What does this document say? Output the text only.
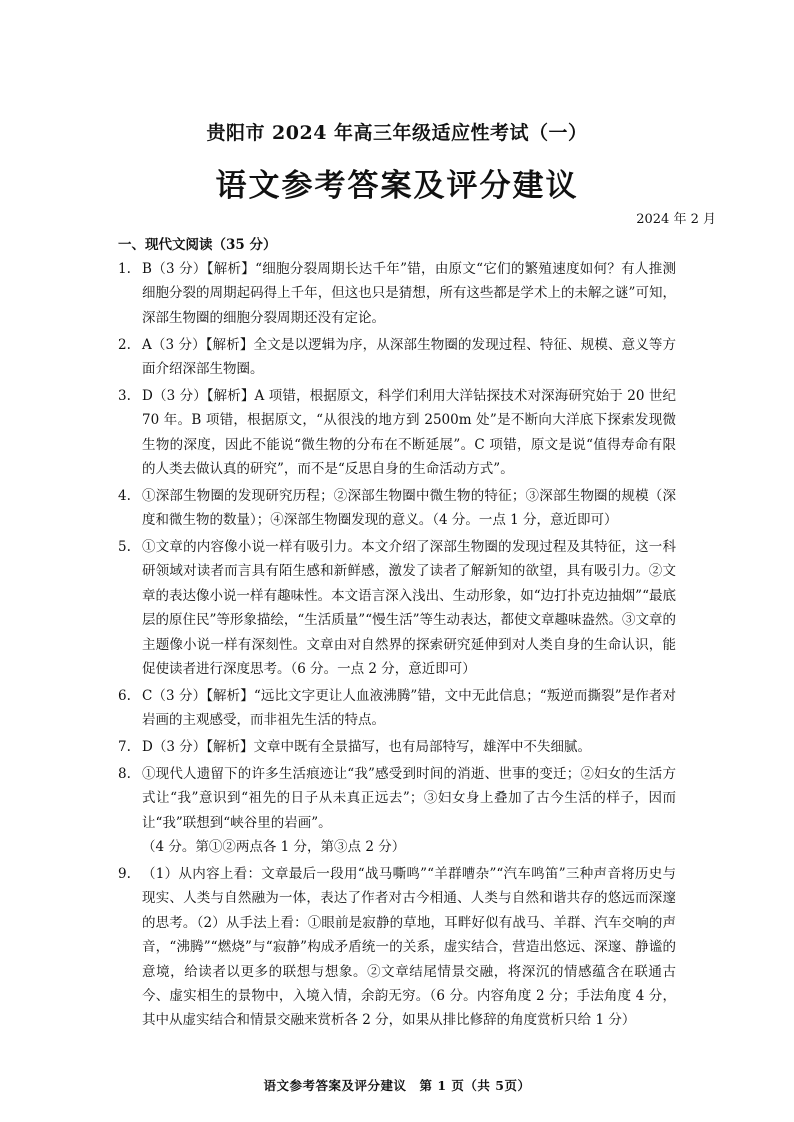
贵阳市 2024 年高三年级适应性考试（一）
语文参考答案及评分建议
2024 年 2 月
一、现代文阅读（35 分）
1. B（3 分）【解析】“细胞分裂周期长达千年”错，由原文“它们的繁殖速度如何？有人推测细胞分裂的周期起码得上千年，但这也只是猜想，所有这些都是学术上的未解之谜”可知，深部生物圈的细胞分裂周期还没有定论。
2. A（3 分）【解析】全文是以逻辑为序，从深部生物圈的发现过程、特征、规模、意义等方面介绍深部生物圈。
3. D（3 分）【解析】A 项错，根据原文，科学们利用大洋钻探技术对深海研究始于 20 世纪 70 年。B 项错，根据原文，“从很浅的地方到 2500m 处”是不断向大洋底下探索发现微生物的深度，因此不能说“微生物的分布在不断延展”。C 项错，原文是说“值得寿命有限的人类去做认真的研究”，而不是“反思自身的生命活动方式”。
4. ①深部生物圈的发现研究历程；②深部生物圈中微生物的特征；③深部生物圈的规模（深度和微生物的数量）；④深部生物圈发现的意义。（4 分。一点 1 分，意近即可）
5. ①文章的内容像小说一样有吸引力。本文介绍了深部生物圈的发现过程及其特征，这一科研领域对读者而言具有陌生感和新鲜感，激发了读者了解新知的欲望，具有吸引力。②文章的表达像小说一样有趣味性。本文语言深入浅出、生动形象，如“边打扑克边抽烟”“最底层的原住民”等形象描绘，“生活质量”“慢生活”等生动表达，都使文章趣味盎然。③文章的主题像小说一样有深刻性。文章由对自然界的探索研究延伸到对人类自身的生命认识，能促使读者进行深度思考。（6 分。一点 2 分，意近即可）
6. C（3 分）【解析】“远比文字更让人血液沸腾”错，文中无此信息；“叛逆而撕裂”是作者对岩画的主观感受，而非祖先生活的特点。
7. D（3 分）【解析】文章中既有全景描写，也有局部特写，雄浑中不失细腻。
8. ①现代人遗留下的许多生活痕迹让“我”感受到时间的消逝、世事的变迁；②妇女的生活方式让“我”意识到“祖先的日子从未真正远去”；③妇女身上叠加了古今生活的样子，因而让“我”联想到“峡谷里的岩画”。
（4 分。第①②两点各 1 分，第③点 2 分）
9. （1）从内容上看：文章最后一段用“战马嘶鸣”“羊群嘈杂”“汽车鸣笛”三种声音将历史与现实、人类与自然融为一体，表达了作者对古今相通、人类与自然和谐共存的悠远而深邃的思考。（2）从手法上看：①眼前是寂静的草地，耳畔好似有战马、羊群、汽车交响的声音，“沸腾”“燃烧”与“寂静”构成矛盾统一的关系，虚实结合，营造出悠远、深邃、静谧的意境，给读者以更多的联想与想象。②文章结尾情景交融，将深沉的情感蕴含在联通古今、虚实相生的景物中，入境入情，余韵无穷。（6 分。内容角度 2 分；手法角度 4 分，其中从虚实结合和情景交融来赏析各 2 分，如果从排比修辞的角度赏析只给 1 分）
语文参考答案及评分建议　第 1 页（共 5页）
